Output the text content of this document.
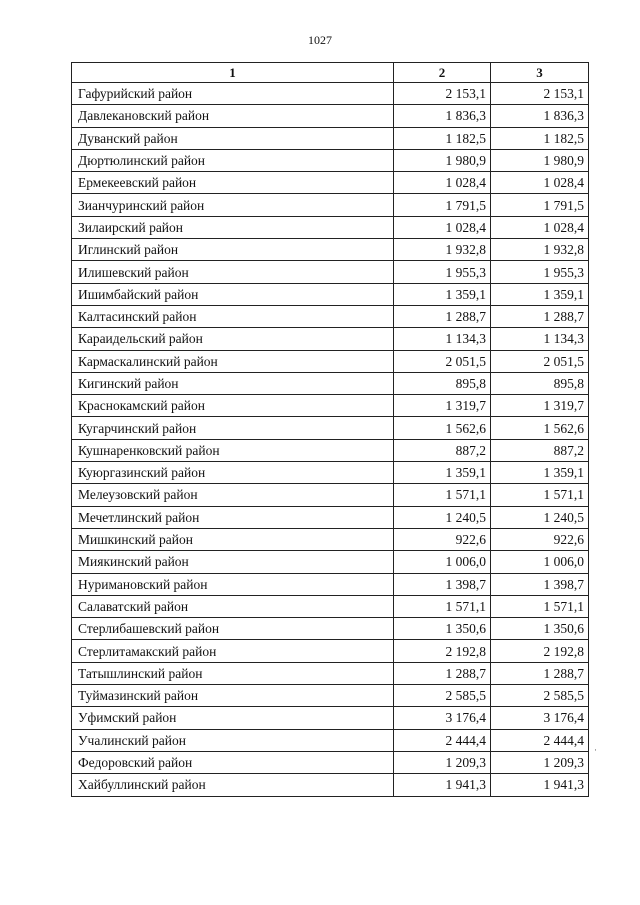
1027
1	2	3
Гафурийский район	2 153,1	2 153,1
Давлекановский район	1 836,3	1 836,3
Дуванский район	1 182,5	1 182,5
Дюртюлинский район	1 980,9	1 980,9
Ермекеевский район	1 028,4	1 028,4
Зианчуринский район	1 791,5	1 791,5
Зилаирский район	1 028,4	1 028,4
Иглинский район	1 932,8	1 932,8
Илишевский район	1 955,3	1 955,3
Ишимбайский район	1 359,1	1 359,1
Калтасинский район	1 288,7	1 288,7
Караидельский район	1 134,3	1 134,3
Кармаскалинский район	2 051,5	2 051,5
Кигинский район	895,8	895,8
Краснокамский район	1 319,7	1 319,7
Кугарчинский район	1 562,6	1 562,6
Кушнаренковский район	887,2	887,2
Куюргазинский район	1 359,1	1 359,1
Мелеузовский район	1 571,1	1 571,1
Мечетлинский район	1 240,5	1 240,5
Мишкинский район	922,6	922,6
Миякинский район	1 006,0	1 006,0
Нуримановский район	1 398,7	1 398,7
Салаватский район	1 571,1	1 571,1
Стерлибашевский район	1 350,6	1 350,6
Стерлитамакский район	2 192,8	2 192,8
Татышлинский район	1 288,7	1 288,7
Туймазинский район	2 585,5	2 585,5
Уфимский район	3 176,4	3 176,4
Учалинский район	2 444,4	2 444,4
Федоровский район	1 209,3	1 209,3
Хайбуллинский район	1 941,3	1 941,3
·
